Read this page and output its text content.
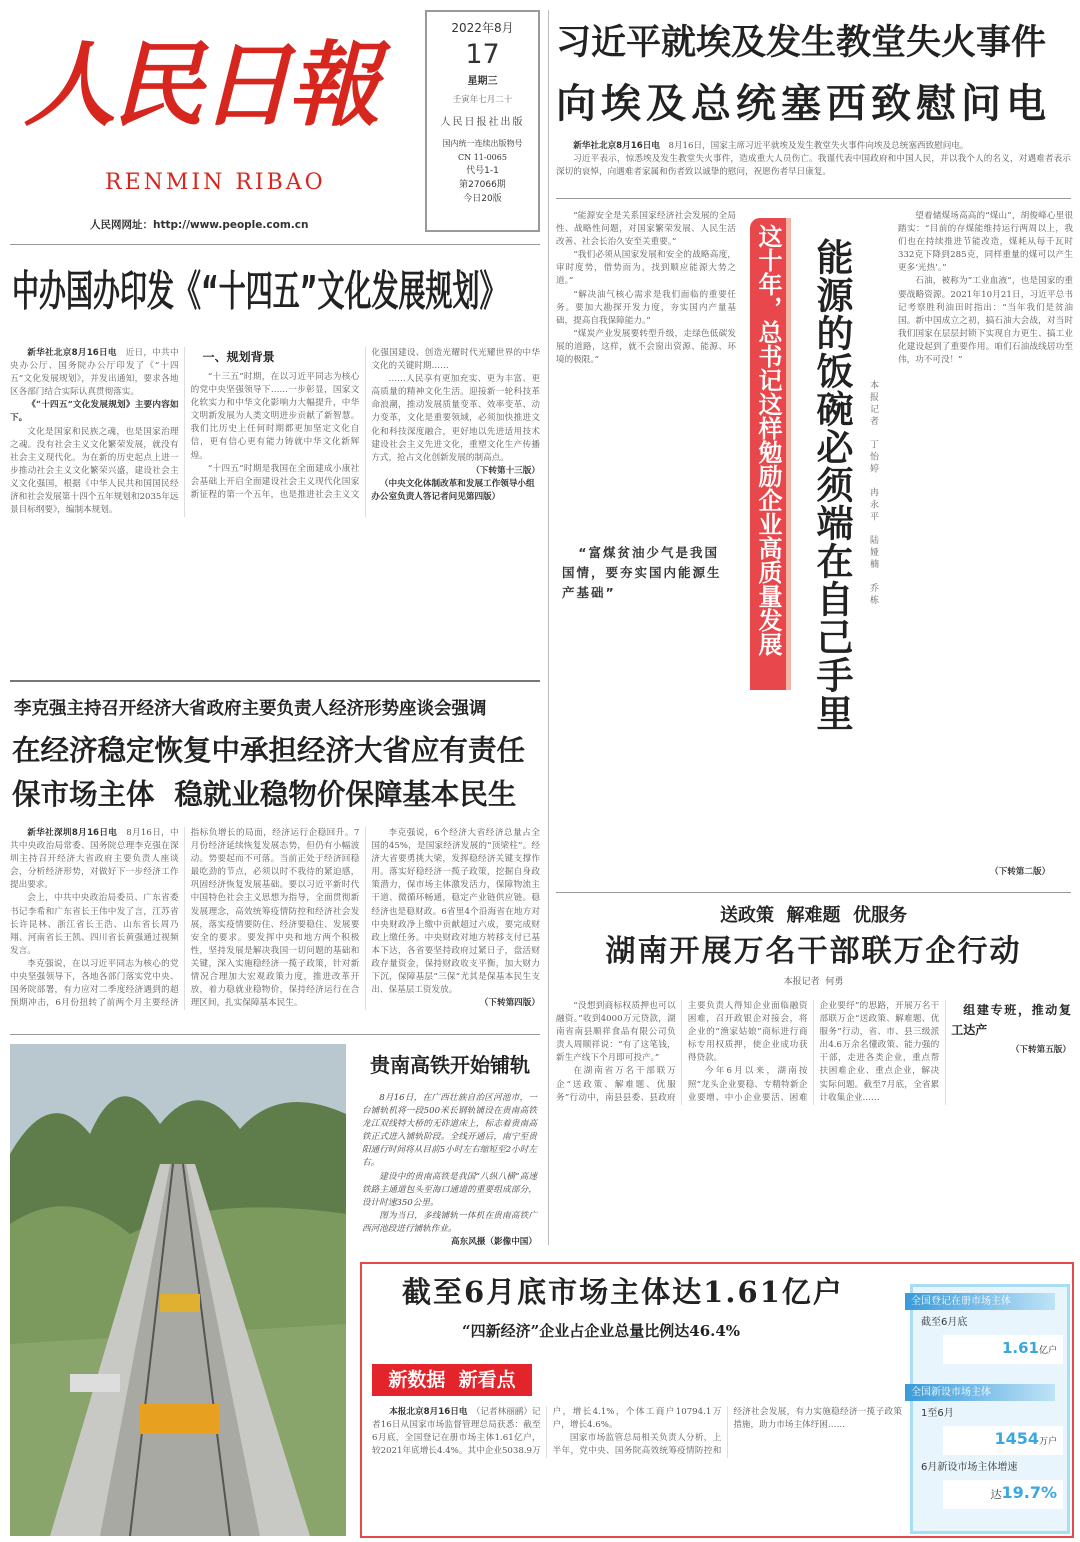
人民日報
RENMIN RIBAO
人民网网址：http://www.people.com.cn
2022年8月
17
星期三
壬寅年七月二十
人民日报社出版
国内统一连续出版物号
CN 11-0065
代号1-1
第27066期
今日20版
习近平就埃及发生教堂失火事件
向埃及总统塞西致慰问电

新华社北京8月16日电　 8月16日，国家主席习近平就埃及发生教堂失火事件向埃及总统塞西致慰问电。

习近平表示，惊悉埃及发生教堂失火事件，造成重大人员伤亡。我谨代表中国政府和中国人民，并以我个人的名义，对遇难者表示深切的哀悼，向遇难者家属和伤者致以诚挚的慰问，祝愿伤者早日康复。

中办国办印发《“十四五”文化发展规划》

新华社北京8月16日电　 近日，中共中央办公厅、国务院办公厅印发了《“十四五”文化发展规划》，并发出通知，要求各地区各部门结合实际认真贯彻落实。

《“十四五”文化发展规划》主要内容如下。

文化是国家和民族之魂，也是国家治理之魂。没有社会主义文化繁荣发展，就没有社会主义现代化。为在新的历史起点上进一步推动社会主义文化繁荣兴盛，建设社会主义文化强国，根据《中华人民共和国国民经济和社会发展第十四个五年规划和2035年远景目标纲要》，编制本规划。

一、规划背景

“十三五”时期，在以习近平同志为核心的党中央坚强领导下……一步彰显，国家文化软实力和中华文化影响力大幅提升，中华文明新发展为人类文明进步贡献了新智慧。我们比历史上任何时期都更加坚定文化自信，更有信心更有能力铸就中华文化新辉煌。

“十四五”时期是我国在全面建成小康社会基础上开启全面建设社会主义现代化国家新征程的第一个五年，也是推进社会主义文化强国建设、创造光耀时代光耀世界的中华文化的关键时期……

……人民享有更加充实、更为丰富、更高质量的精神文化生活。迎接新一轮科技革命浪潮，推动发展质量变革、效率变革、动力变革，文化是重要领域，必须加快推进文化和科技深度融合，更好地以先进适用技术建设社会主义先进文化，重塑文化生产传播方式，抢占文化创新发展的制高点。

（下转第十三版）
（中央文化体制改革和发展工作领导小组办公室负责人答记者问见第四版）
李克强主持召开经济大省政府主要负责人经济形势座谈会强调
在经济稳定恢复中承担经济大省应有责任
保市场主体  稳就业稳物价保障基本民生

新华社深圳8月16日电　 8月16日，中共中央政治局常委、国务院总理李克强在深圳主持召开经济大省政府主要负责人座谈会，分析经济形势，对做好下一步经济工作提出要求。

会上，中共中央政治局委员、广东省委书记李希和广东省长王伟中发了言，江苏省长许昆林、浙江省长王浩、山东省长周乃翔、河南省长王凯、四川省长黄强通过视频发言。

李克强说，在以习近平同志为核心的党中央坚强领导下，各地各部门落实党中央、国务院部署，有力应对二季度经济遇到的超预期冲击，6月份扭转了前两个月主要经济指标负增长的局面，经济运行企稳回升。7月份经济延续恢复发展态势，但仍有小幅波动。势要起而不可落。当前正处于经济回稳最吃劲的节点，必须以时不我待的紧迫感，巩固经济恢复发展基础。要以习近平新时代中国特色社会主义思想为指导，全面贯彻新发展理念，高效统筹疫情防控和经济社会发展，落实疫情要防住、经济要稳住、发展要安全的要求。要发挥中央和地方两个积极性，坚持发展是解决我国一切问题的基础和关键，深入实施稳经济一揽子政策，针对新情况合理加大宏观政策力度，推进改革开放，着力稳就业稳物价，保持经济运行在合理区间，扎实保障基本民生。

李克强说，6个经济大省经济总量占全国的45%，是国家经济发展的“顶梁柱”。经济大省要勇挑大梁，发挥稳经济关键支撑作用。落实好稳经济一揽子政策，挖掘自身政策潜力，保市场主体激发活力，保障物流主干道、微循环畅通，稳定产业链供应链。稳经济也是稳财政。6省里4个沿海省在地方对中央财政净上缴中贡献超过六成，要完成财政上缴任务。中央财政对地方转移支付已基本下达，各省要坚持政府过紧日子，盘活财政存量资金，保持财政收支平衡，加大财力下沉，保障基层“三保”尤其是保基本民生支出、保基层工资发放。

（下转第四版）
贵南高铁开始铺轨

8月16日，在广西壮族自治区河池市，一台铺轨机将一段500米长钢轨铺设在贵南高铁龙江双线特大桥的无砟道床上，标志着贵南高铁正式进入铺轨阶段。全线开通后，南宁至贵阳通行时间将从目前5小时左右缩短至2小时左右。

建设中的贵南高铁是我国“八纵八横”高速铁路主通道包头至海口通道的重要组成部分，设计时速350公里。

图为当日，多线铺轨一体机在贵南高铁广西河池段进行铺轨作业。

高东风摄（影像中国）

“能源安全是关系国家经济社会发展的全局性、战略性问题，对国家繁荣发展、人民生活改善、社会长治久安至关重要。”

“我们必须从国家发展和安全的战略高度，审时度势，借势而为，找到顺应能源大势之道。”

“解决油气核心需求是我们面临的重要任务。要加大勘探开发力度，夯实国内产量基础，提高自我保障能力。”

“煤炭产业发展要转型升级，走绿色低碳发展的道路，这样，就不会窗出资源、能源、环境的极限。”

“富煤贫油少气是我国国情，要夯实国内能源生产基础”	这十年，总书记这样勉励企业高质量发展 能源的饭碗必须端在自己手里 本报记者  丁怡婷  冉永平  陆娅楠  乔栋

望着储煤场高高的“煤山”，胡俊峰心里很踏实：“目前的存煤能维持运行两周以上，我们也在持续推进节能改造，煤耗从每千瓦时332克下降到285克，同样重量的煤可以产生更多‘光热’。”

石油，被称为“工业血液”，也是国家的重要战略资源。2021年10月21日，习近平总书记考察胜利油田时指出：“当年我们是贫油国。新中国成立之初，搞石油大会战，对当时我们国家在层层封锁下实现自力更生、搞工业化建设起到了重要作用。咱们石油战线居功至伟，功不可没！”

（下转第二版）
送政策  解难题  优服务
湖南开展万名干部联万企行动
本报记者  何勇

“没想到商标权质押也可以融资。”收到4000万元贷款，湖南省南县顺祥食品有限公司负责人周顺祥说：“有了这笔钱，新生产线下个月即可投产。”

在湖南省万名干部联万企“送政策、解难题、优服务”行动中，南县县委、县政府主要负责人得知企业面临融资困难，召开政银企对接会，将企业的“渔家姑娘”商标进行商标专用权质押，使企业成功获得贷款。

今年6月以来，湖南按照“龙头企业要稳、专精特新企业要增、中小企业要活、困难企业要纾”的思路，开展万名干部联万企“送政策、解难题、优服务”行动，省、市、县三级派出4.6万余名懂政策、能力强的干部，走进各类企业，重点帮扶困难企业、重点企业，解决实际问题。截至7月底，全省累计收集企业……

组建专班，推动复工达产

（下转第五版）
截至6月底市场主体达1.61亿户
“四新经济”企业占企业总量比例达46.4%
新数据  新看点

本报北京8月16日电　 （记者林丽鹂）记者16日从国家市场监督管理总局获悉：截至6月底，全国登记在册市场主体1.61亿户，较2021年底增长4.4%。其中企业5038.9万户，增长4.1%，个体工商户10794.1万户，增长4.6%。

国家市场监管总局相关负责人分析，上半年，党中央、国务院高效统筹疫情防控和经济社会发展，有力实施稳经济一揽子政策措施，助力市场主体纾困……

全国登记在册市场主体
截至6月底
1.61亿户
全国新设市场主体
1至6月
1454万户
6月新设市场主体增速
达19.7%
